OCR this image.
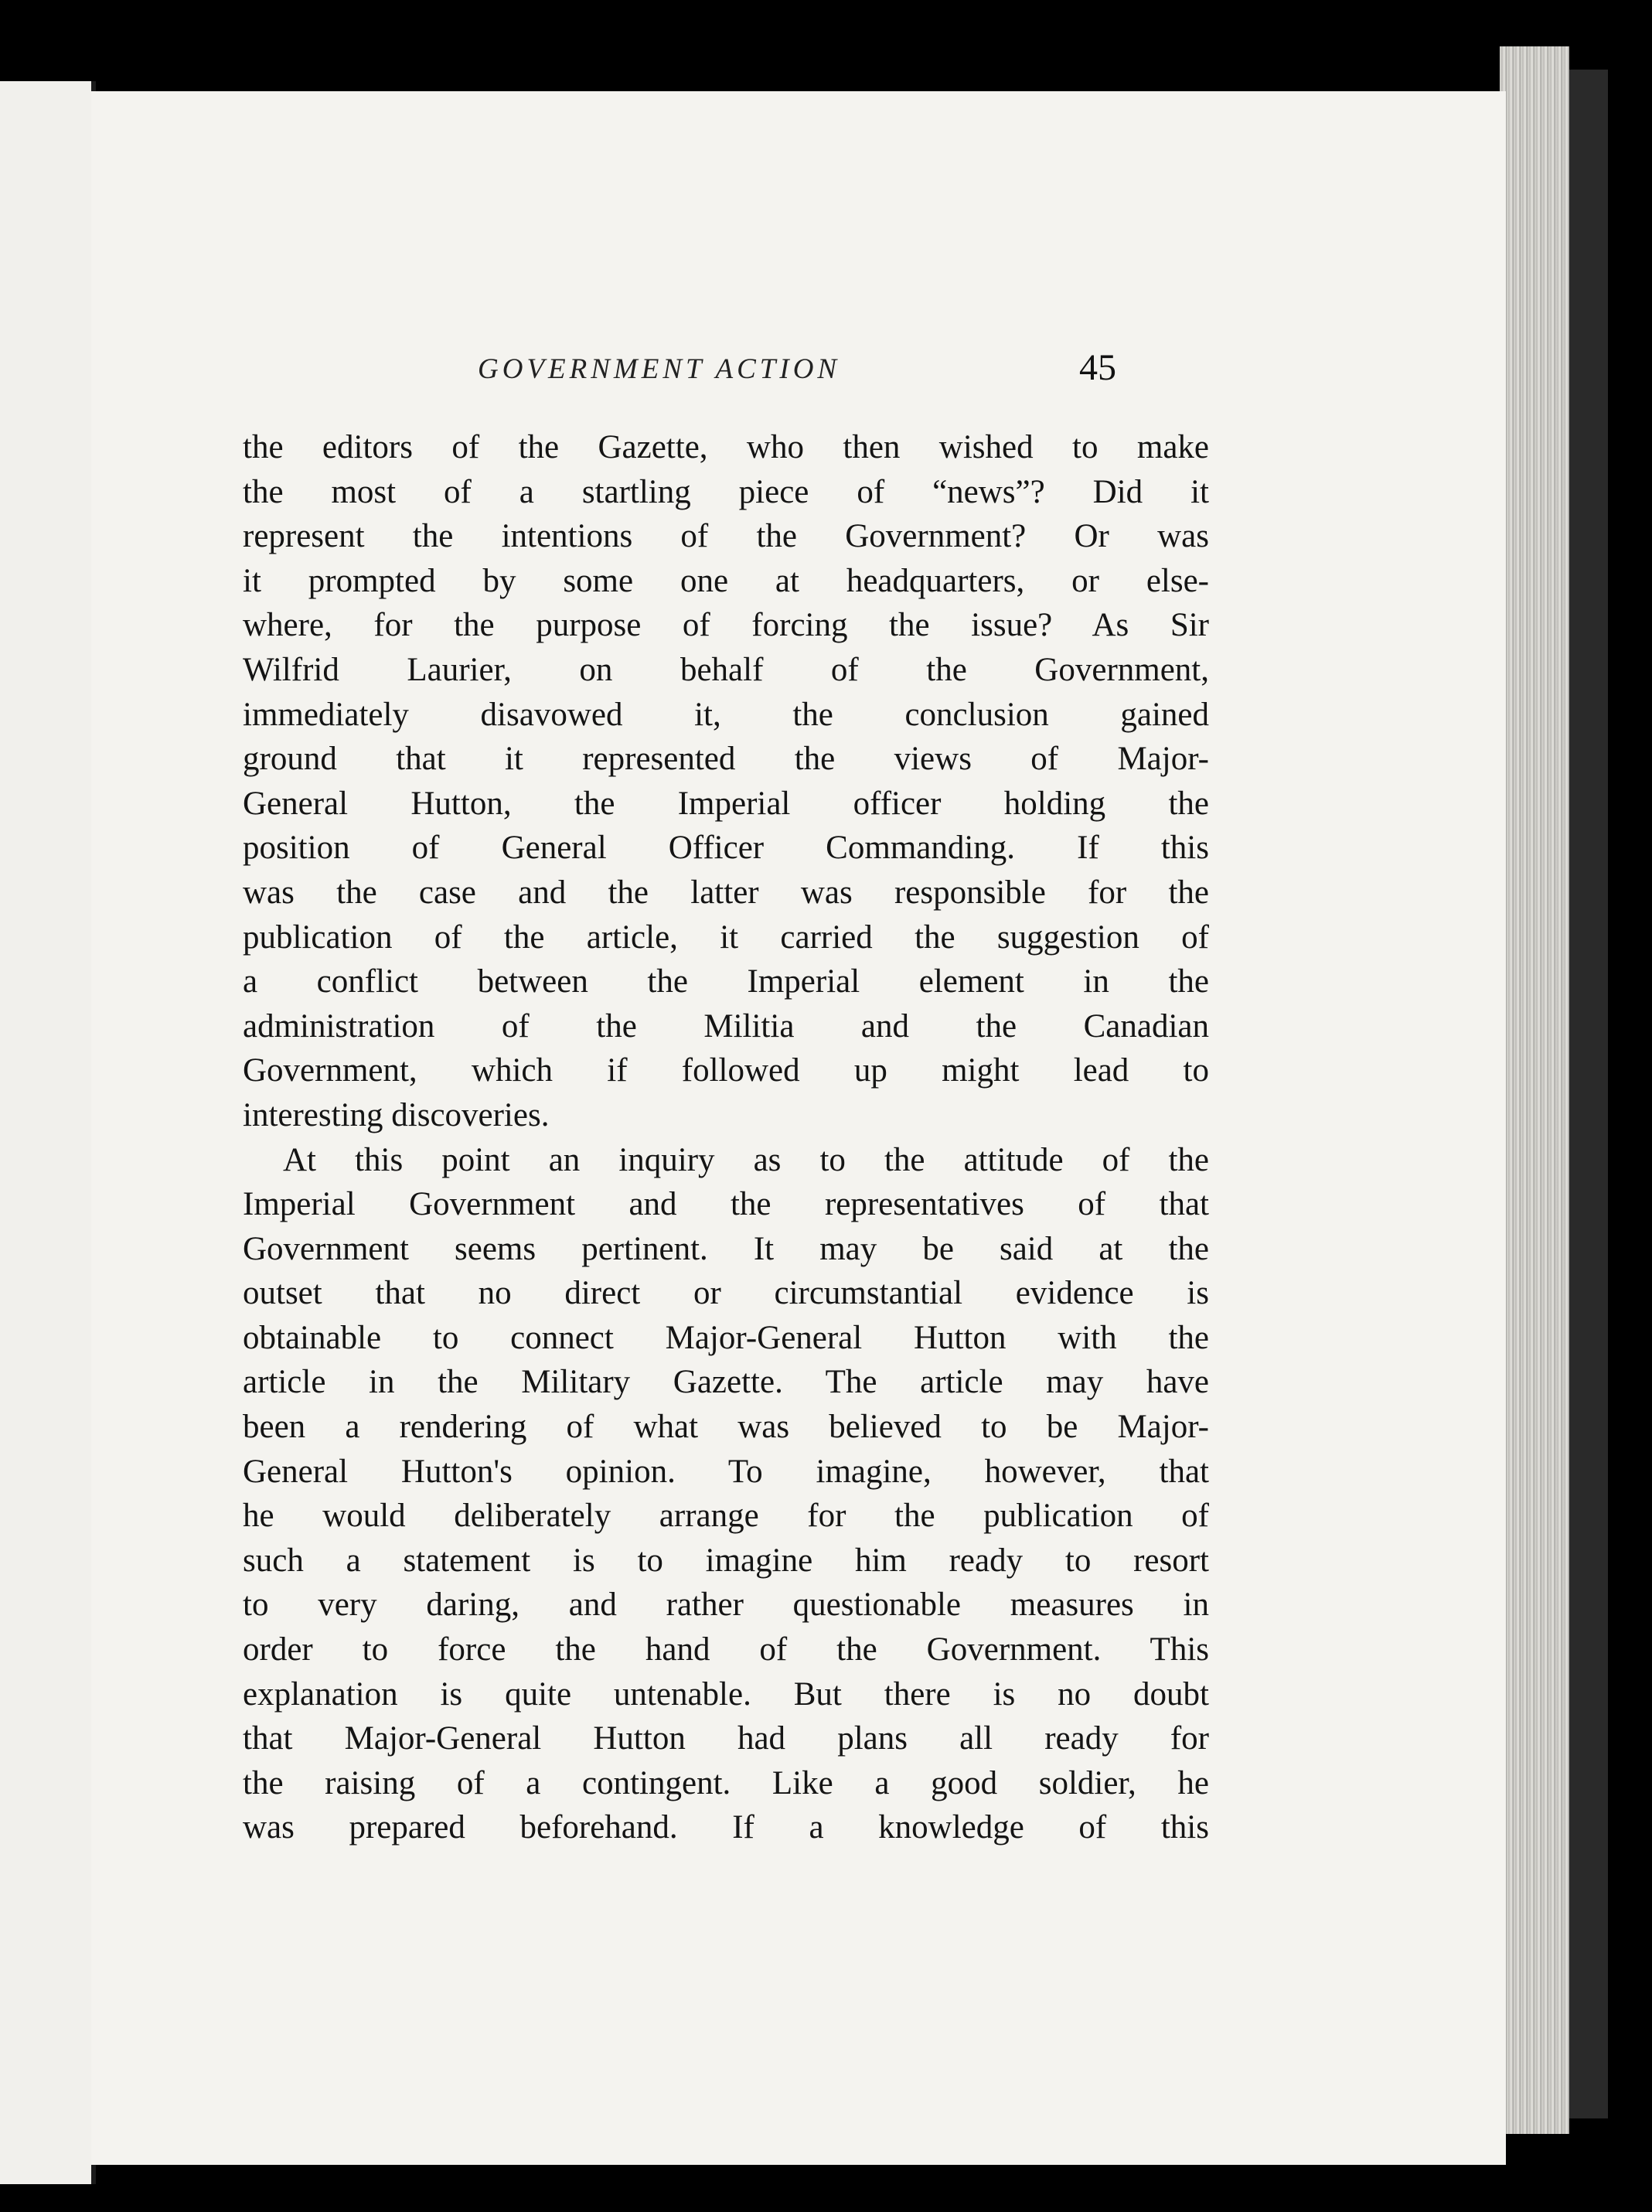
GOVERNMENT ACTION	45
the editors of the Gazette, who then wished to make
the most of a startling piece of “news”? Did it
represent the intentions of the Government? Or was
it prompted by some one at headquarters, or else-
where, for the purpose of forcing the issue? As Sir
Wilfrid Laurier, on behalf of the Government,
immediately disavowed it, the conclusion gained
ground that it represented the views of Major-
General Hutton, the Imperial officer holding the
position of General Officer Commanding. If this
was the case and the latter was responsible for the
publication of the article, it carried the suggestion of
a conflict between the Imperial element in the
administration of the Militia and the Canadian
Government, which if followed up might lead to
interesting discoveries.
At this point an inquiry as to the attitude of the
Imperial Government and the representatives of that
Government seems pertinent. It may be said at the
outset that no direct or circumstantial evidence is
obtainable to connect Major-General Hutton with the
article in the Military Gazette. The article may have
been a rendering of what was believed to be Major-
General Hutton's opinion. To imagine, however, that
he would deliberately arrange for the publication of
such a statement is to imagine him ready to resort
to very daring, and rather questionable measures in
order to force the hand of the Government. This
explanation is quite untenable. But there is no doubt
that Major-General Hutton had plans all ready for
the raising of a contingent. Like a good soldier, he
was prepared beforehand. If a knowledge of this
